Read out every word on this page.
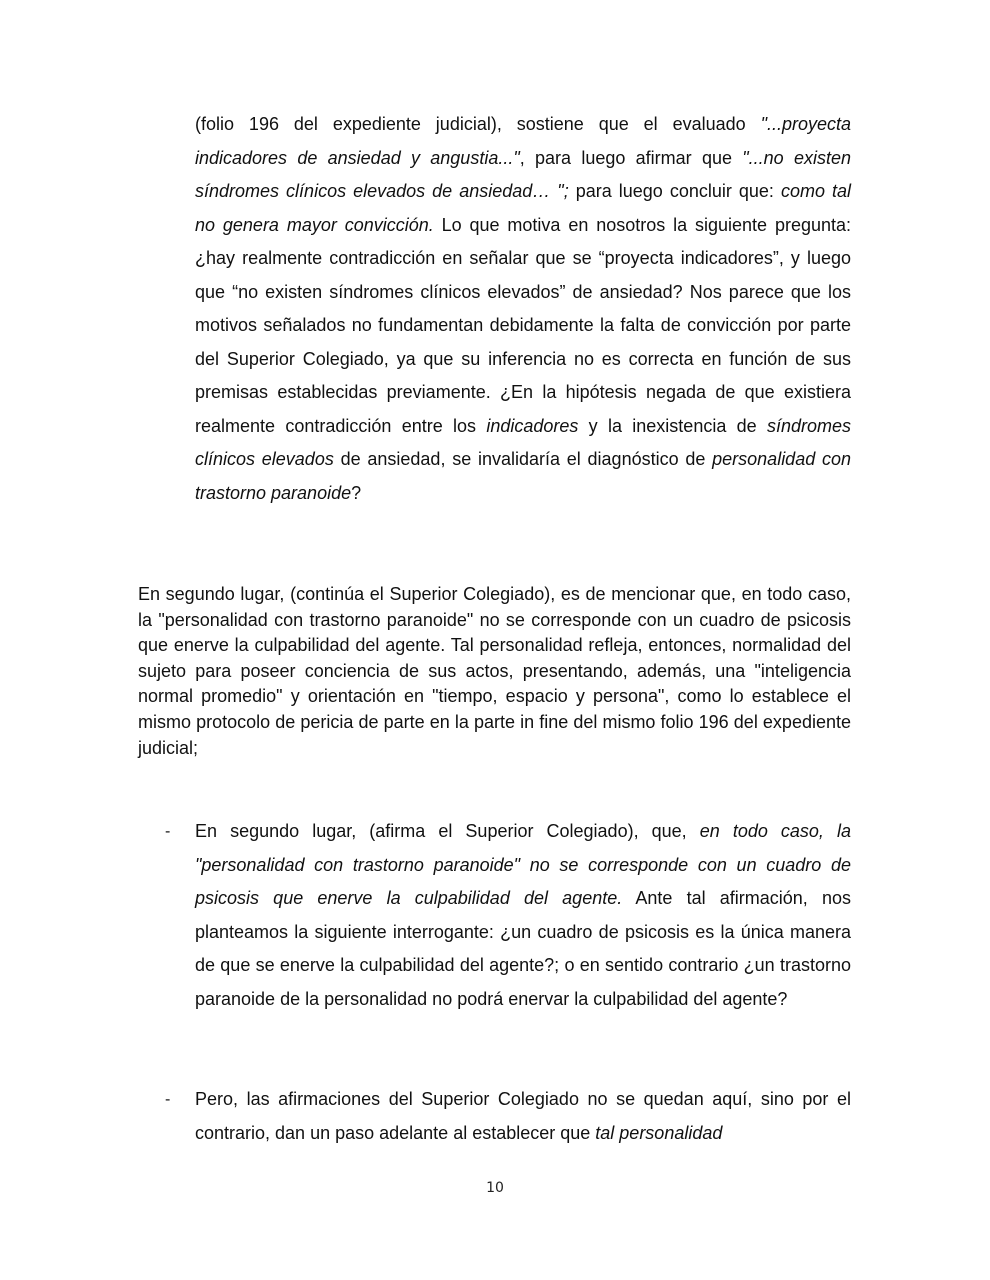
(folio 196 del expediente judicial), sostiene que el evaluado "...proyecta indicadores de ansiedad y angustia...", para luego afirmar que "...no existen síndromes clínicos elevados de ansiedad… "; para luego concluir que: como tal no genera mayor convicción. Lo que motiva en nosotros la siguiente pregunta: ¿hay realmente contradicción en señalar que se “proyecta indicadores”, y luego que “no existen síndromes clínicos elevados” de ansiedad? Nos parece que los motivos señalados no fundamentan debidamente la falta de convicción por parte del Superior Colegiado, ya que su inferencia no es correcta en función de sus premisas establecidas previamente. ¿En la hipótesis negada de que existiera realmente contradicción entre los indicadores y la inexistencia de síndromes clínicos elevados de ansiedad, se invalidaría el diagnóstico de personalidad con trastorno paranoide?
En segundo lugar, (continúa el Superior Colegiado), es de mencionar que, en todo caso, la "personalidad con trastorno paranoide" no se corresponde con un cuadro de psicosis que enerve la culpabilidad del agente. Tal personalidad refleja, entonces, normalidad del sujeto para poseer conciencia de sus actos, presentando, además, una "inteligencia normal promedio" y orientación en "tiempo, espacio y persona", como lo establece el mismo protocolo de pericia de parte en la parte in fine del mismo folio 196 del expediente judicial;
- En segundo lugar, (afirma el Superior Colegiado), que, en todo caso, la "personalidad con trastorno paranoide" no se corresponde con un cuadro de psicosis que enerve la culpabilidad del agente. Ante tal afirmación, nos planteamos la siguiente interrogante: ¿un cuadro de psicosis es la única manera de que se enerve la culpabilidad del agente?; o en sentido contrario ¿un trastorno paranoide de la personalidad no podrá enervar la culpabilidad del agente?
- Pero, las afirmaciones del Superior Colegiado no se quedan aquí, sino por el contrario, dan un paso adelante al establecer que tal personalidad
10
